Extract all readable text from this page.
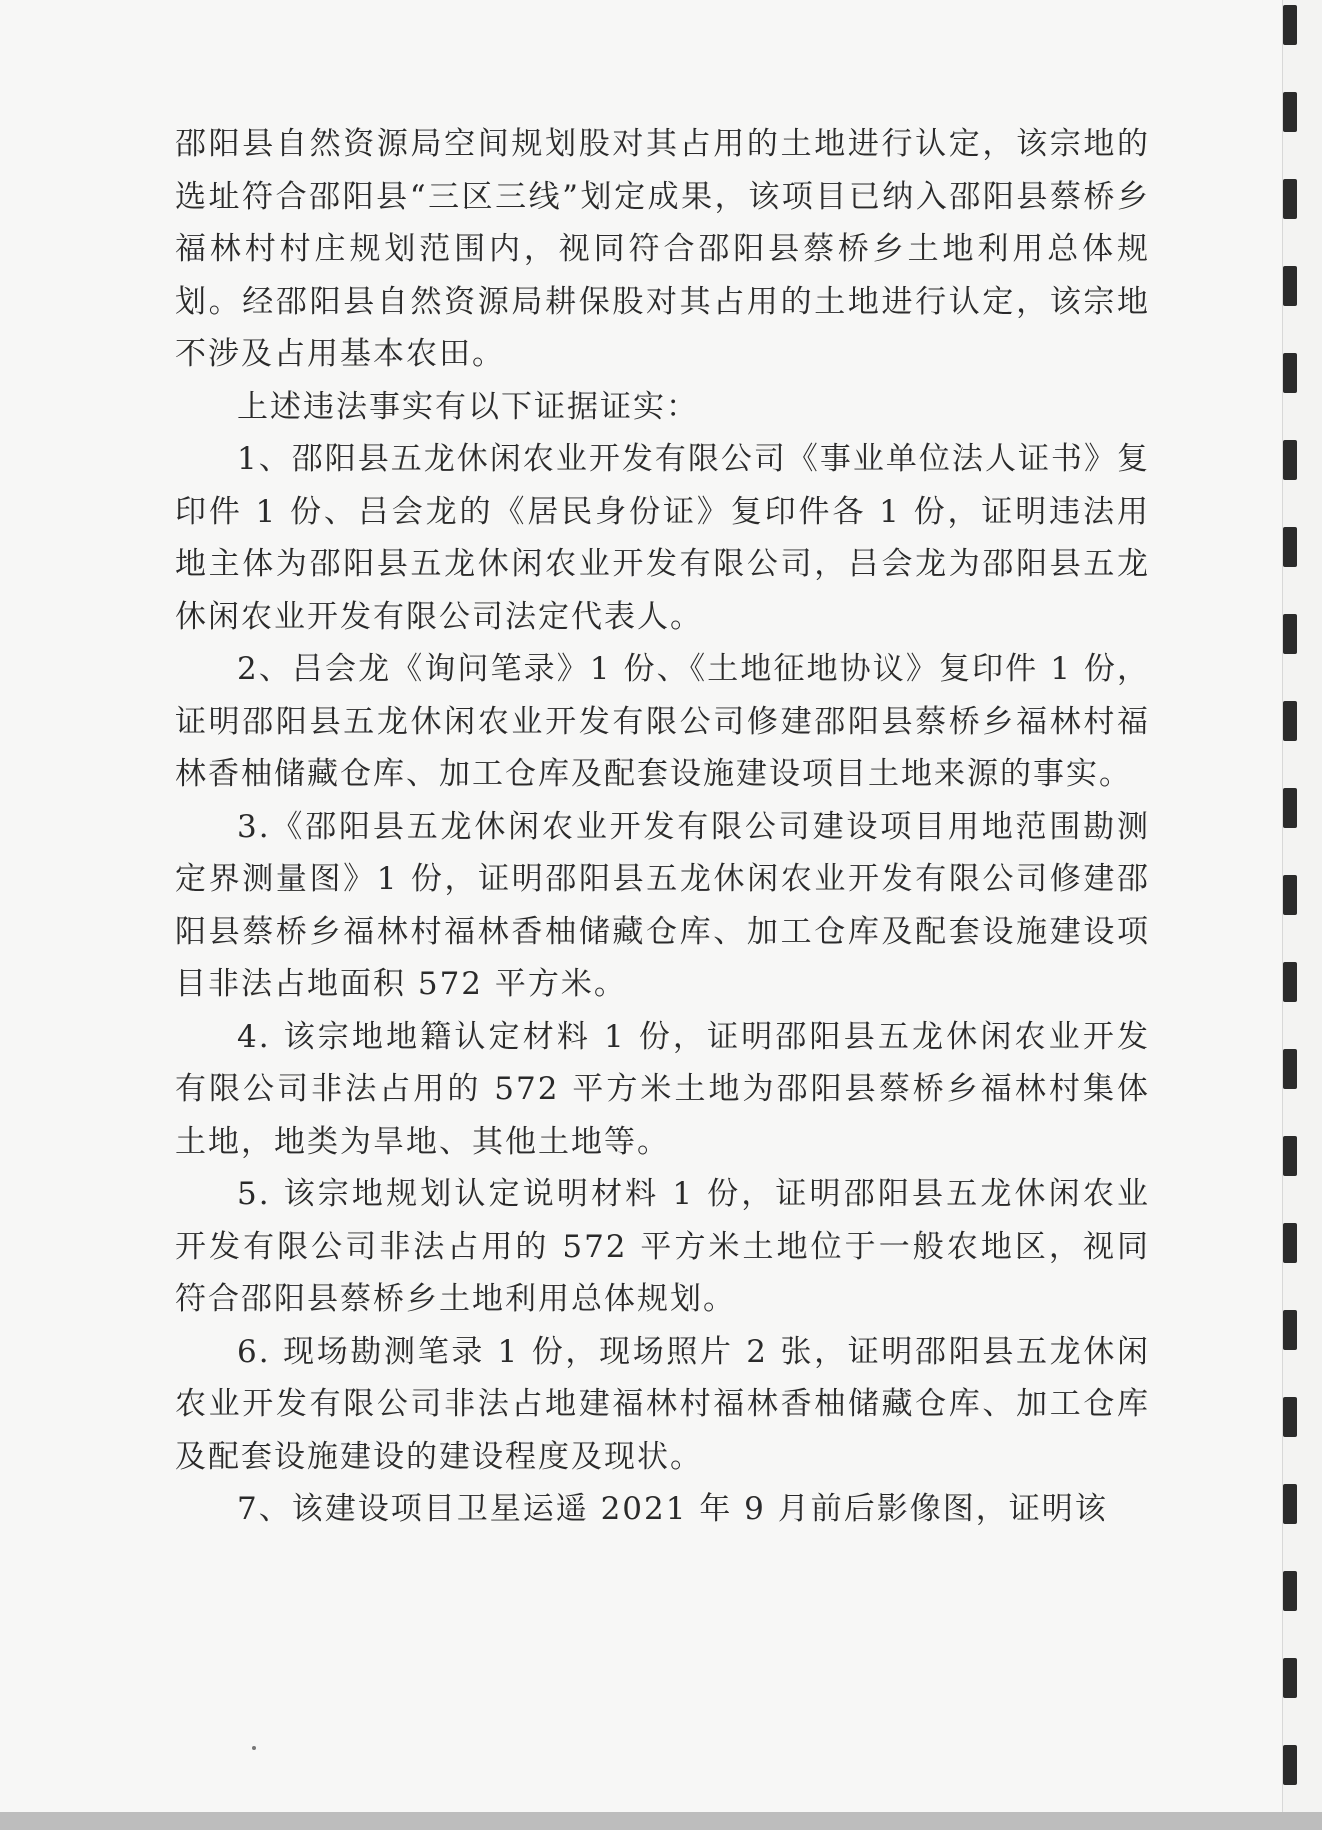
邵阳县自然资源局空间规划股对其占用的土地进行认定，该宗地的选址符合邵阳县“三区三线”划定成果，该项目已纳入邵阳县蔡桥乡福林村村庄规划范围内，视同符合邵阳县蔡桥乡土地利用总体规划。经邵阳县自然资源局耕保股对其占用的土地进行认定，该宗地不涉及占用基本农田。

上述违法事实有以下证据证实：

1、邵阳县五龙休闲农业开发有限公司《事业单位法人证书》复印件 1 份、吕会龙的《居民身份证》复印件各 1 份，证明违法用地主体为邵阳县五龙休闲农业开发有限公司，吕会龙为邵阳县五龙休闲农业开发有限公司法定代表人。

2、吕会龙《询问笔录》1 份、《土地征地协议》复印件 1 份，证明邵阳县五龙休闲农业开发有限公司修建邵阳县蔡桥乡福林村福林香柚储藏仓库、加工仓库及配套设施建设项目土地来源的事实。

3.《邵阳县五龙休闲农业开发有限公司建设项目用地范围勘测定界测量图》1 份，证明邵阳县五龙休闲农业开发有限公司修建邵阳县蔡桥乡福林村福林香柚储藏仓库、加工仓库及配套设施建设项目非法占地面积 572 平方米。

4. 该宗地地籍认定材料 1 份，证明邵阳县五龙休闲农业开发有限公司非法占用的 572 平方米土地为邵阳县蔡桥乡福林村集体土地，地类为旱地、其他土地等。

5. 该宗地规划认定说明材料 1 份，证明邵阳县五龙休闲农业开发有限公司非法占用的 572 平方米土地位于一般农地区，视同符合邵阳县蔡桥乡土地利用总体规划。

6. 现场勘测笔录 1 份，现场照片 2 张，证明邵阳县五龙休闲农业开发有限公司非法占地建福林村福林香柚储藏仓库、加工仓库及配套设施建设的建设程度及现状。

7、该建设项目卫星运遥 2021 年 9 月前后影像图，证明该
